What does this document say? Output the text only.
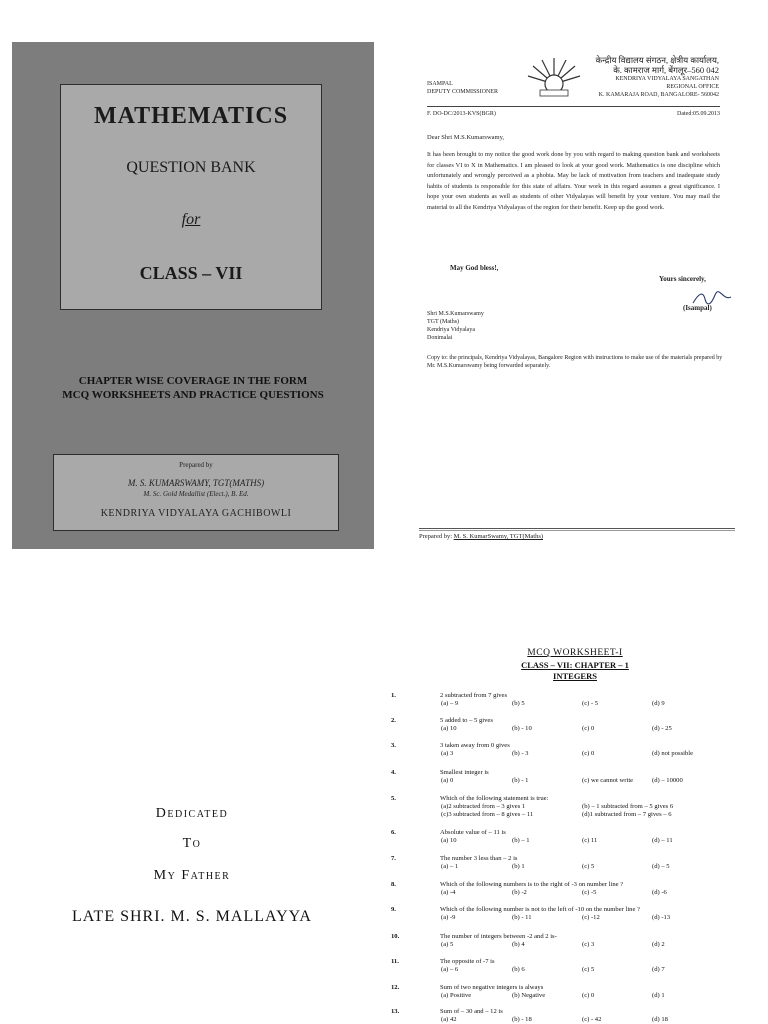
MATHEMATICS
QUESTION BANK
for
CLASS – VII
CHAPTER WISE COVERAGE IN THE FORM
MCQ WORKSHEETS AND PRACTICE QUESTIONS
Prepared by
M. S. KUMARSWAMY, TGT(MATHS)
M. Sc. Gold Medallist (Elect.), B. Ed.
KENDRIYA VIDYALAYA GACHIBOWLI
ISAMPAL
DEPUTY COMMISSIONER
केन्द्रीय विद्यालय संगठन, क्षेत्रीय कार्यालय,
के. कामराज मार्ग, बेंगलूर–560 042
KENDRIYA VIDYALAYA SANGATHAN
REGIONAL OFFICE
K. KAMARAJA ROAD, BANGALORE- 560042
F. DO-DC/2013-KVS(BGR)	Dated:05.09.2013
Dear Shri M.S.Kumarswamy,
It has been brought to my notice the good work done by you with regard to making question bank and worksheets for classes VI to X in Mathematics. I am pleased to look at your good work. Mathematics is one discipline which unfortunately and wrongly perceived as a phobia. May be lack of motivation from teachers and inadequate study habits of students is responsible for this state of affairs. Your work in this regard assumes a great significance. I hope your own students as well as students of other Vidyalayas will benefit by your venture. You may mail the material to all the Kendriya Vidyalayas of the region for their benefit. Keep up the good work.
May God bless!,
Yours sincerely,
(Isampal)
Shri M.S.Kumarswamy
TGT (Maths)
Kendriya Vidyalaya
Donimalai
Copy to: the principals, Kendriya Vidyalayas, Bangalore Region with instructions to make use of the materials prepared by Mr. M.S.Kumarswamy being forwarded separately.
Prepared by: M. S. KumarSwamy, TGT(Maths)
Dedicated
To
My Father
LATE SHRI. M. S. MALLAYYA
MCQ WORKSHEET-I
CLASS – VII: CHAPTER – 1
INTEGERS
1.	2 subtracted from 7 gives
(a) – 9	(b) 5	(c) - 5	(d) 9
2.	5 added to – 5 gives
(a) 10	(b) - 10	(c) 0	(d) - 25
3.	3 taken away from 0 gives
(a) 3	(b) - 3	(c) 0	(d) not possible
4.	Smallest integer is
(a) 0	(b) - 1	(c) we cannot write	(d) – 10000
5.	Which of the following statement is true:
(a)2 subtracted from – 3 gives 1	(b) – 1 subtracted from – 5 gives 6
(c)3 subtracted from – 8 gives – 11	(d)1 subtracted from – 7 gives – 6
6.	Absolute value of – 11 is
(a) 10	(b) – 1	(c) 11	(d) – 11
7.	The number 3 less than – 2 is
(a) – 1	(b) 1	(c) 5	(d) – 5
8.	Which of the following numbers is to the right of -3 on number line ?
(a) -4	(b) -2	(c) -5	(d) -6
9.	Which of the following number is not to the left of -10 on the number line ?
(a) -9	(b) - 11	(c) -12	(d) -13
10.	The number of integers between -2 and 2 is-
(a) 5	(b) 4	(c) 3	(d) 2
11.	The opposite of -7 is
(a) – 6	(b) 6	(c) 5	(d) 7
12.	Sum of two negative integers is always
(a) Positive	(b) Negative	(c) 0	(d) 1
13.	Sum of – 30 and – 12 is
(a) 42	(b) - 18	(c) - 42	(d) 18
